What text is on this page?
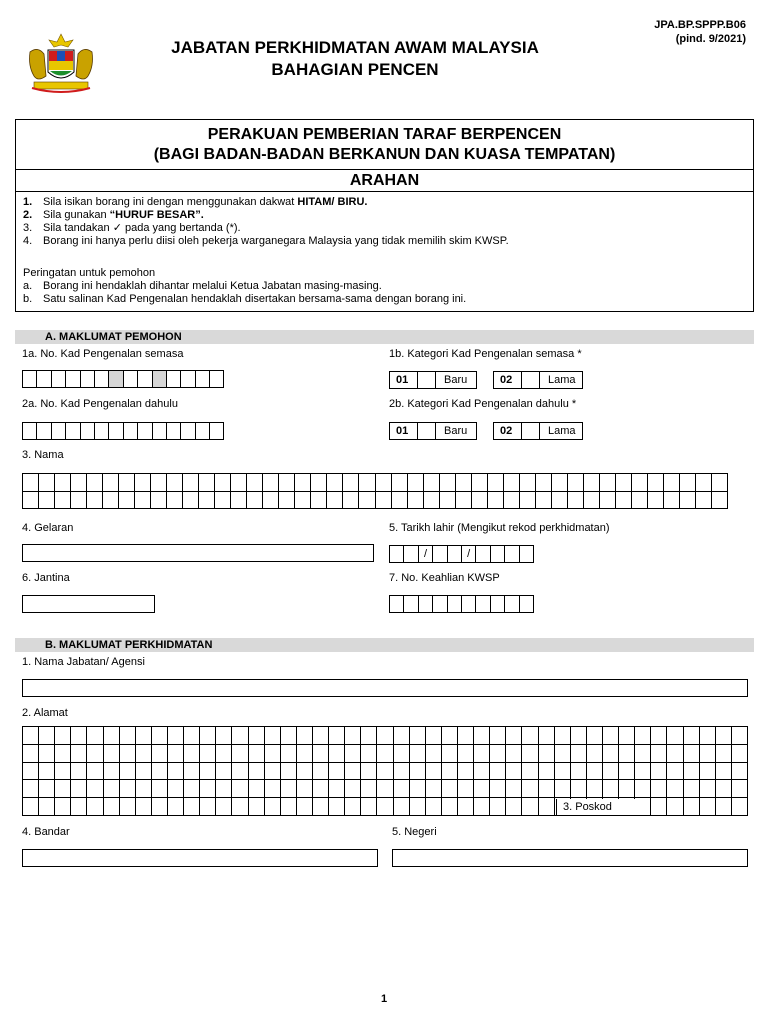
JPA.BP.SPPP.B06
(pind. 9/2021)
JABATAN PERKHIDMATAN AWAM MALAYSIA
BAHAGIAN PENCEN
PERAKUAN PEMBERIAN TARAF BERPENCEN
(BAGI BADAN-BADAN BERKANUN DAN KUASA TEMPATAN)
ARAHAN
1. Sila isikan borang ini dengan menggunakan dakwat HITAM/ BIRU.
2. Sila gunakan “HURUF BESAR”.
3. Sila tandakan ✓ pada yang bertanda (*).
4. Borang ini hanya perlu diisi oleh pekerja warganegara Malaysia yang tidak memilih skim KWSP.
Peringatan untuk pemohon
a. Borang ini hendaklah dihantar melalui Ketua Jabatan masing-masing.
b. Satu salinan Kad Pengenalan hendaklah disertakan bersama-sama dengan borang ini.
A. MAKLUMAT PEMOHON
1a. No. Kad Pengenalan semasa	1b. Kategori Kad Pengenalan semasa *
01	Baru	02	Lama
2a. No. Kad Pengenalan dahulu	2b. Kategori Kad Pengenalan dahulu *
01	Baru	02	Lama
3. Nama
4. Gelaran	5. Tarikh lahir (Mengikut rekod perkhidmatan)
/	/
6. Jantina	7. No. Keahlian KWSP
B. MAKLUMAT PERKHIDMATAN
1. Nama Jabatan/ Agensi
2. Alamat
3. Poskod
4. Bandar	5. Negeri
1
